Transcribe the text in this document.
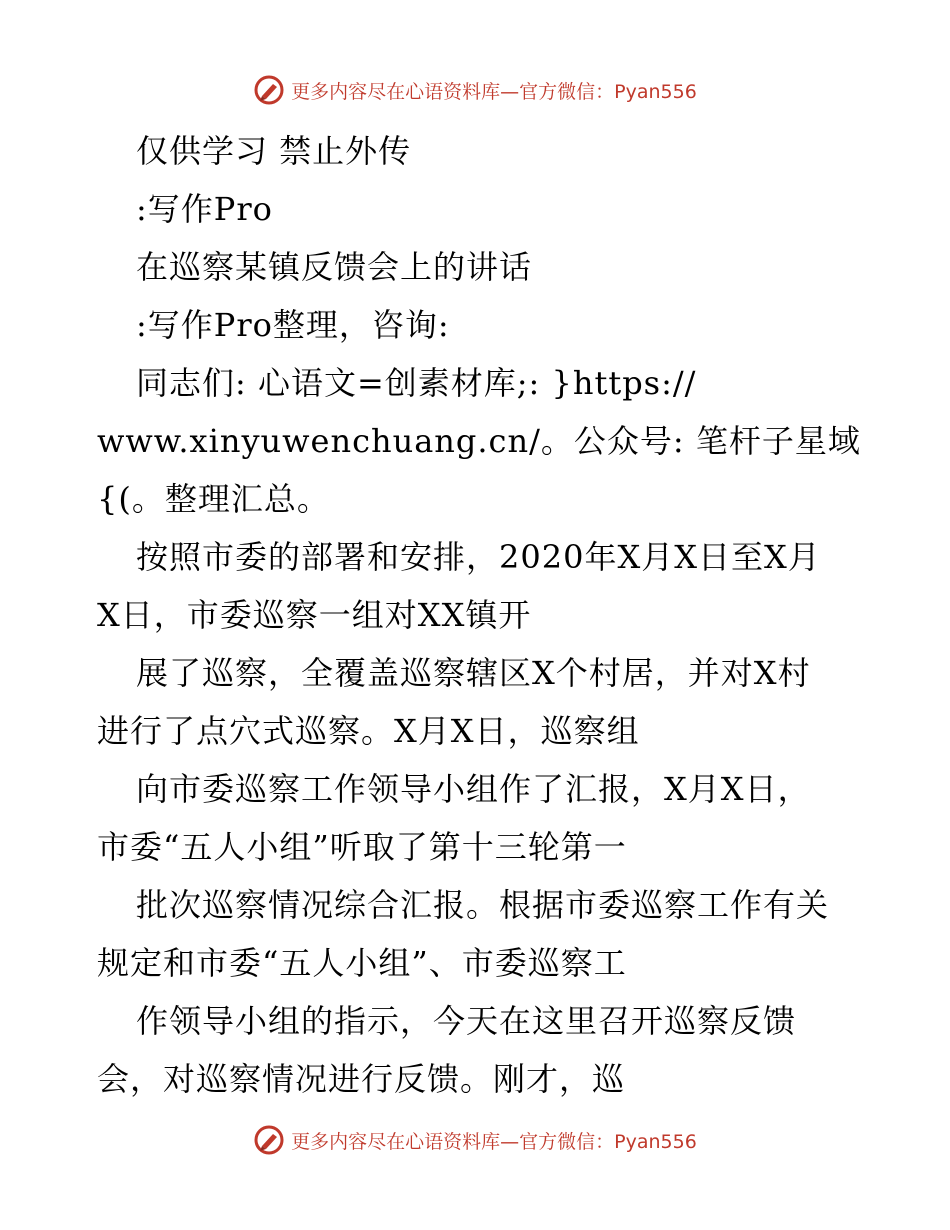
更多内容尽在心语资料库—官方微信：Pyan556
仅供学习 禁止外传
:写作Pro
在巡察某镇反馈会上的讲话
:写作Pro整理，咨询:
同志们: 心语文=创素材库;: }https://
www.xinyuwenchuang.cn/。公众号: 笔杆子星域
{(。整理汇总。
按照市委的部署和安排，2020年X月X日至X月
X日，市委巡察一组对XX镇开
展了巡察，全覆盖巡察辖区X个村居，并对X村
进行了点穴式巡察。X月X日，巡察组
向市委巡察工作领导小组作了汇报，X月X日，
市委“五人小组”听取了第十三轮第一
批次巡察情况综合汇报。根据市委巡察工作有关
规定和市委“五人小组”、市委巡察工
作领导小组的指示，今天在这里召开巡察反馈
会，对巡察情况进行反馈。刚才，巡
更多内容尽在心语资料库—官方微信：Pyan556
